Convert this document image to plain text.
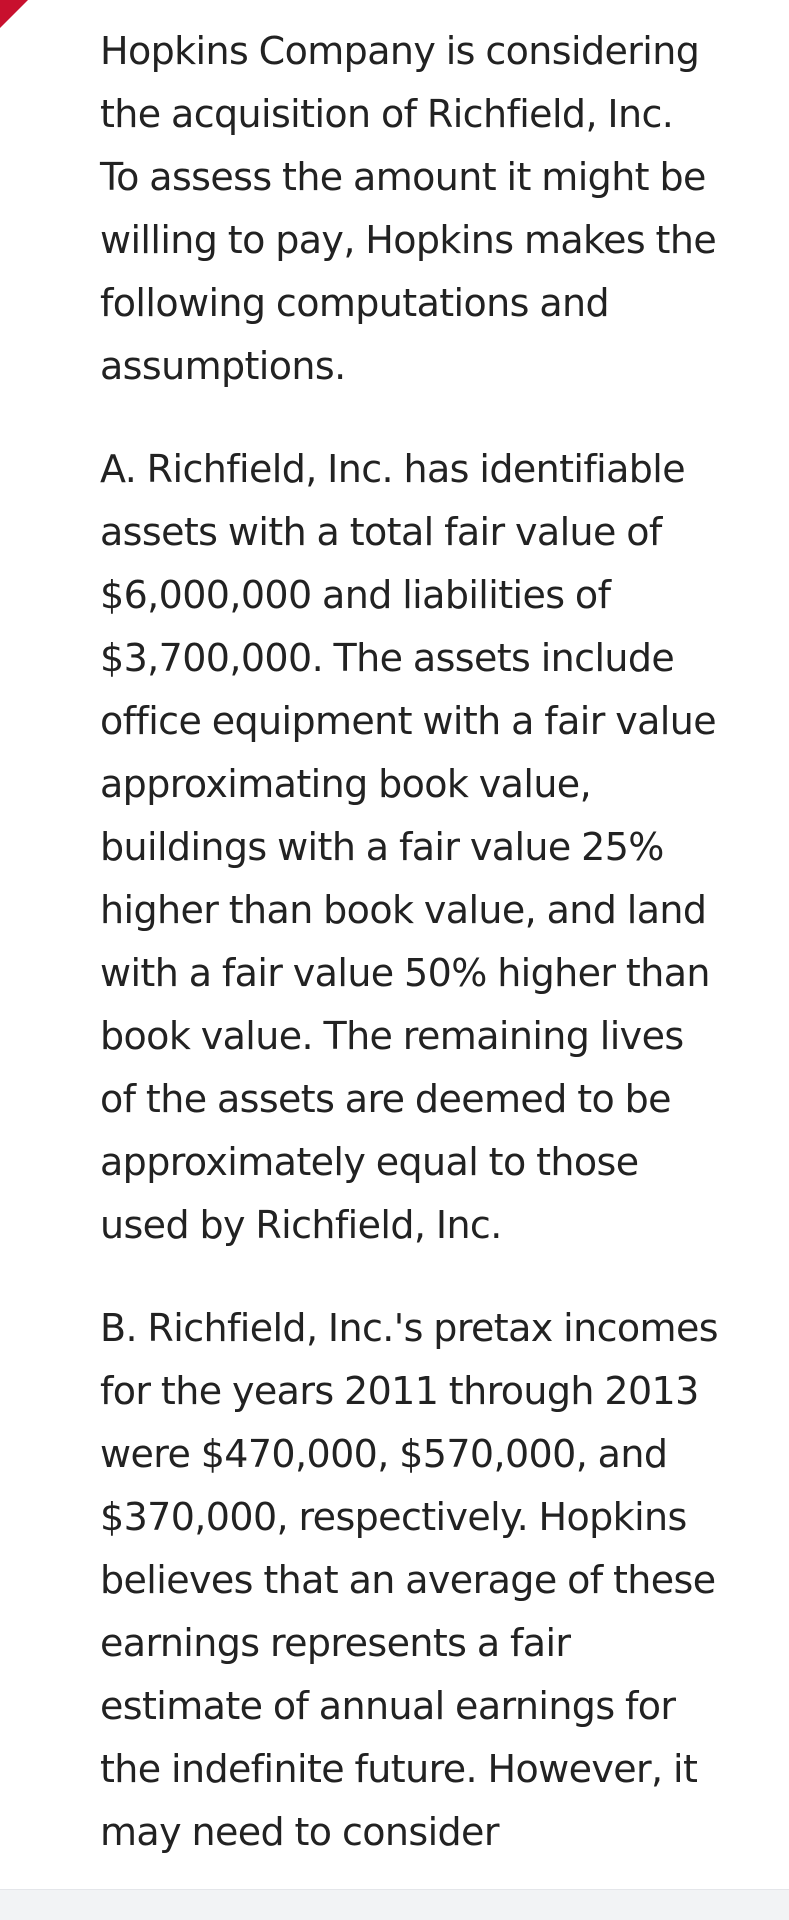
Hopkins Company is considering the acquisition of Richfield, Inc. To assess the amount it might be willing to pay, Hopkins makes the following computations and assumptions.

A. Richfield, Inc. has identifiable assets with a total fair value of $6,000,000 and liabilities of $3,700,000. The assets include office equipment with a fair value approximating book value, buildings with a fair value 25% higher than book value, and land with a fair value 50% higher than book value. The remaining lives of the assets are deemed to be approximately equal to those used by Richfield, Inc.

B. Richfield, Inc.'s pretax incomes for the years 2011 through 2013 were $470,000, $570,000, and $370,000, respectively. Hopkins believes that an average of these earnings represents a fair estimate of annual earnings for the indefinite future. However, it may need to consider
